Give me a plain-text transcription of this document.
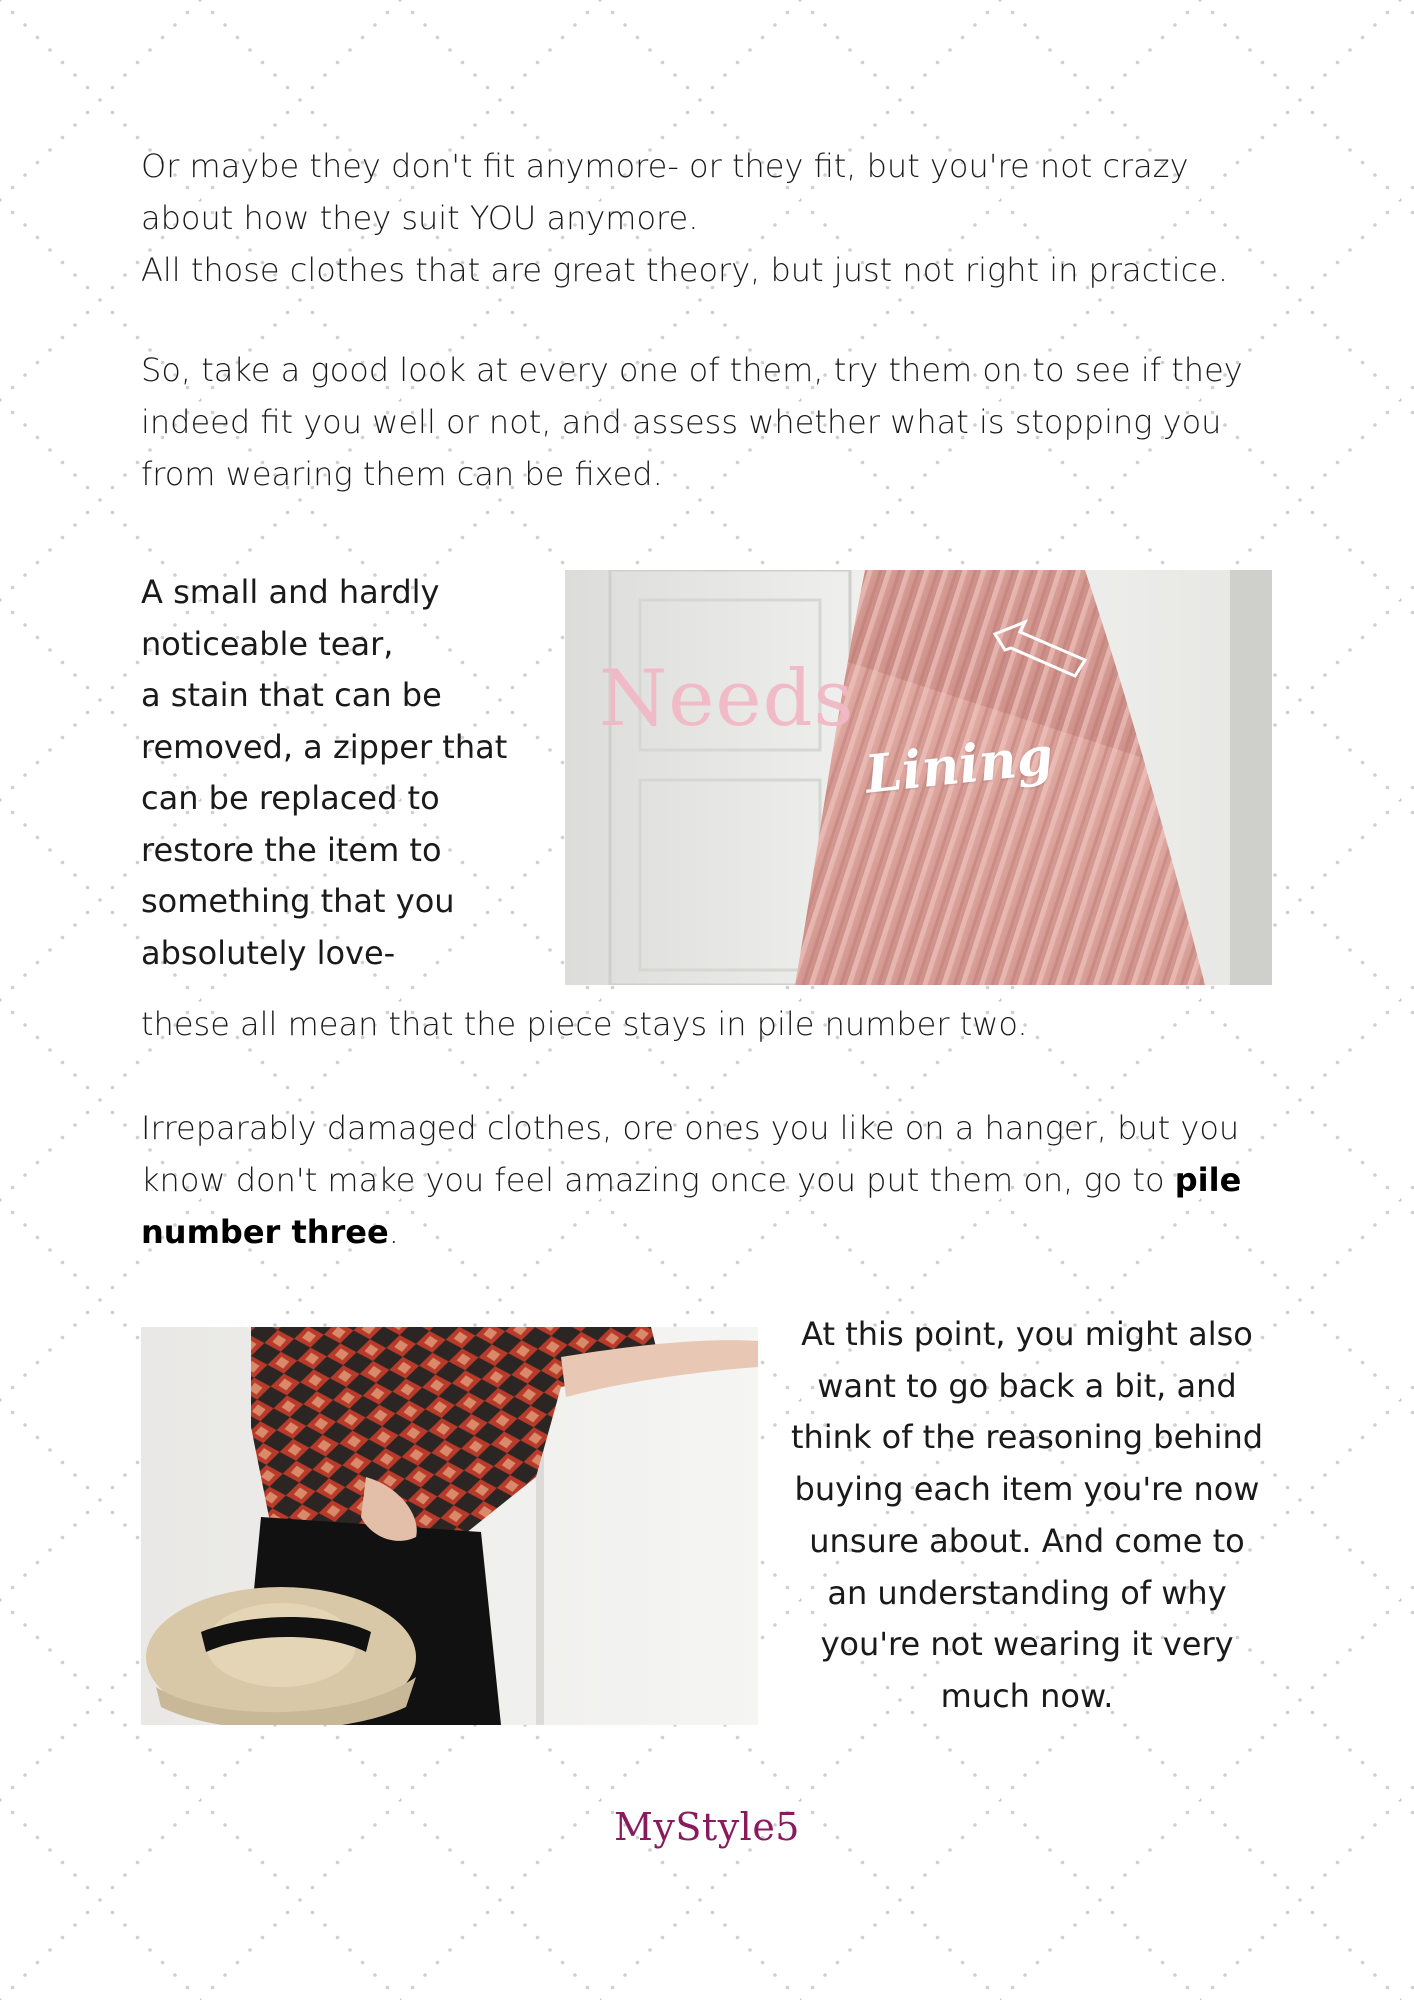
Or maybe they don't fit anymore- or they fit, but you're not crazy
about how they suit YOU anymore.
All those clothes that are great theory, but just not right in practice.

So, take a good look at every one of them, try them on to see if they
indeed fit you well or not, and assess whether what is stopping you
from wearing them can be fixed.

A small and hardly
noticeable tear,
a stain that can be
removed, a zipper that
can be replaced to
restore the item to
something that you
absolutely love-

Needs
Lining

these all mean that the piece stays in pile number two.

Irreparably damaged clothes, ore ones you like on a hanger, but you
know don't make you feel amazing once you put them on, go to pile
number three.

At this point, you might also
want to go back a bit, and
think of the reasoning behind
buying each item you're now
unsure about. And come to
an understanding of why
you're not wearing it very
much now.

MyStyle5
